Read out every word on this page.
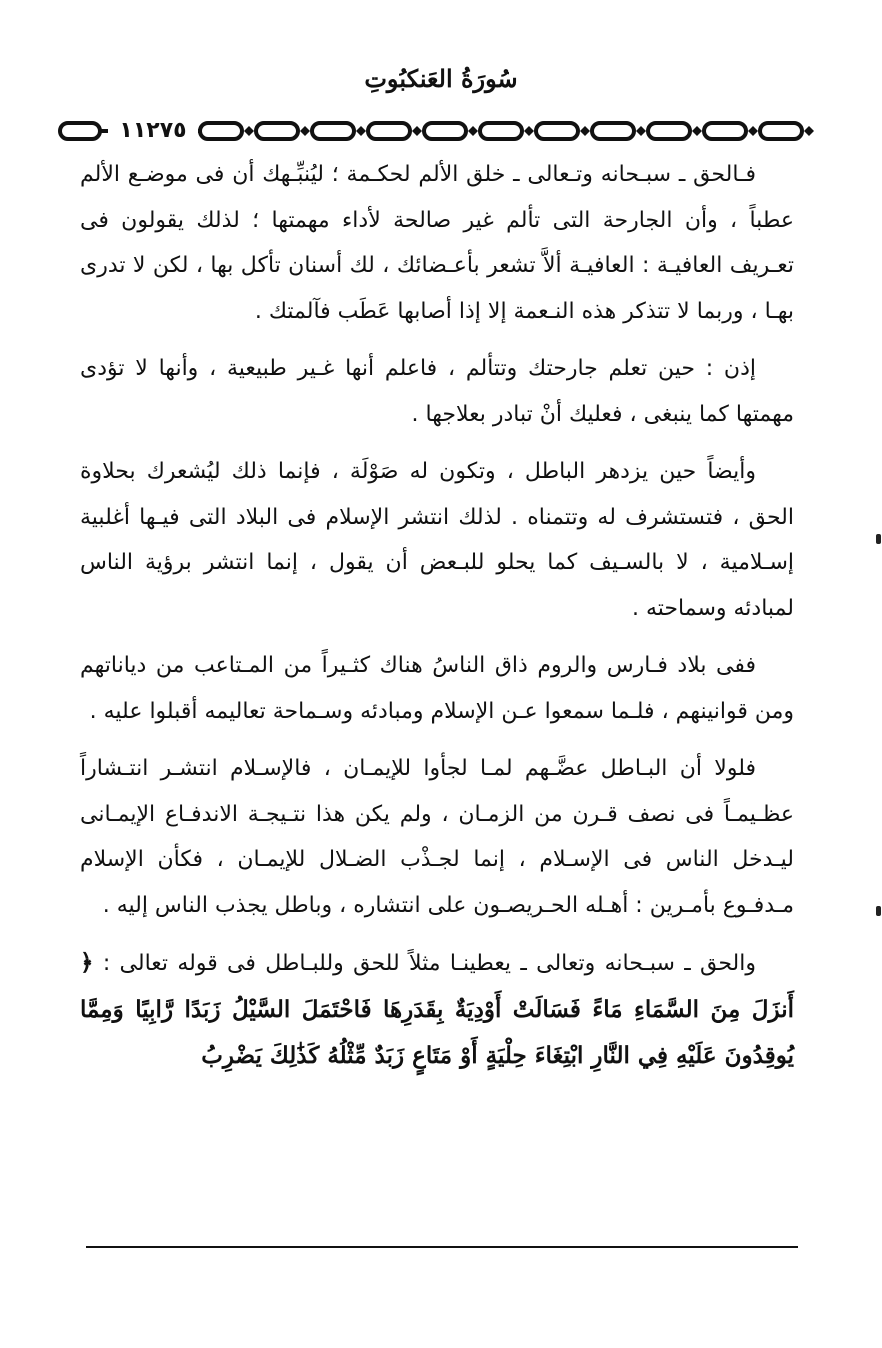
سُورَةُ العَنكبُوتِ
١١٢٧٥

فـالحق ـ سبـحانه وتـعالى ـ خلق الألم لحكـمة ؛ ليُنبِّـهك أن فى موضـع الألم عطباً ، وأن الجارحة التى تألم غير صالحة لأداء مهمتها ؛ لذلك يقولون فى تعـريف العافيـة : العافيـة ألاَّ تشعر بأعـضائك ، لك أسنان تأكل بها ، لكن لا تدرى بهـا ، وربما لا تتذكر هذه النـعمة إلا إذا أصابها عَطَب فآلمتك .

إذن : حين تعلم جارحتك وتتألم ، فاعلم أنها غـير طبيعية ، وأنها لا تؤدى مهمتها كما ينبغى ، فعليك أنْ تبادر بعلاجها .

وأيضاً حين يزدهر الباطل ، وتكون له صَوْلَة ، فإنما ذلك ليُشعرك بحلاوة الحق ، فتستشرف له وتتمناه . لذلك انتشر الإسلام فى البلاد التى فيـها أغلبية إسـلامية ، لا بالسـيف كما يحلو للبـعض أن يقول ، إنما انتشر برؤية الناس لمبادئه وسماحته .

ففى بلاد فـارس والروم ذاق الناسُ هناك كثـيراً من المـتاعب من دياناتهم ومن قوانينهم ، فلـما سمعوا عـن الإسلام ومبادئه وسـماحة تعاليمه أقبلوا عليه .

فلولا أن البـاطل عضَّـهم لمـا لجأوا للإيمـان ، فالإسـلام انتشـر انتـشاراً عظـيمـاً فى نصف قـرن من الزمـان ، ولم يكن هذا نتـيجـة الاندفـاع الإيمـانى ليـدخل الناس فى الإسـلام ، إنما لجـذْب الضـلال للإيمـان ، فكأن الإسلام مـدفـوع بأمـرين : أهـله الحـريصـون على انتشاره ، وباطل يجذب الناس إليه .

والحق ـ سبـحانه وتعالى ـ يعطينـا مثلاً للحق وللبـاطل فى قوله تعالى : ﴿ أَنزَلَ مِنَ السَّمَاءِ مَاءً فَسَالَتْ أَوْدِيَةٌ بِقَدَرِهَا فَاحْتَمَلَ السَّيْلُ زَبَدًا رَّابِيًا وَمِمَّا يُوقِدُونَ عَلَيْهِ فِي النَّارِ ابْتِغَاءَ حِلْيَةٍ أَوْ مَتَاعٍ زَبَدٌ مِّثْلُهُ كَذَٰلِكَ يَضْرِبُ
